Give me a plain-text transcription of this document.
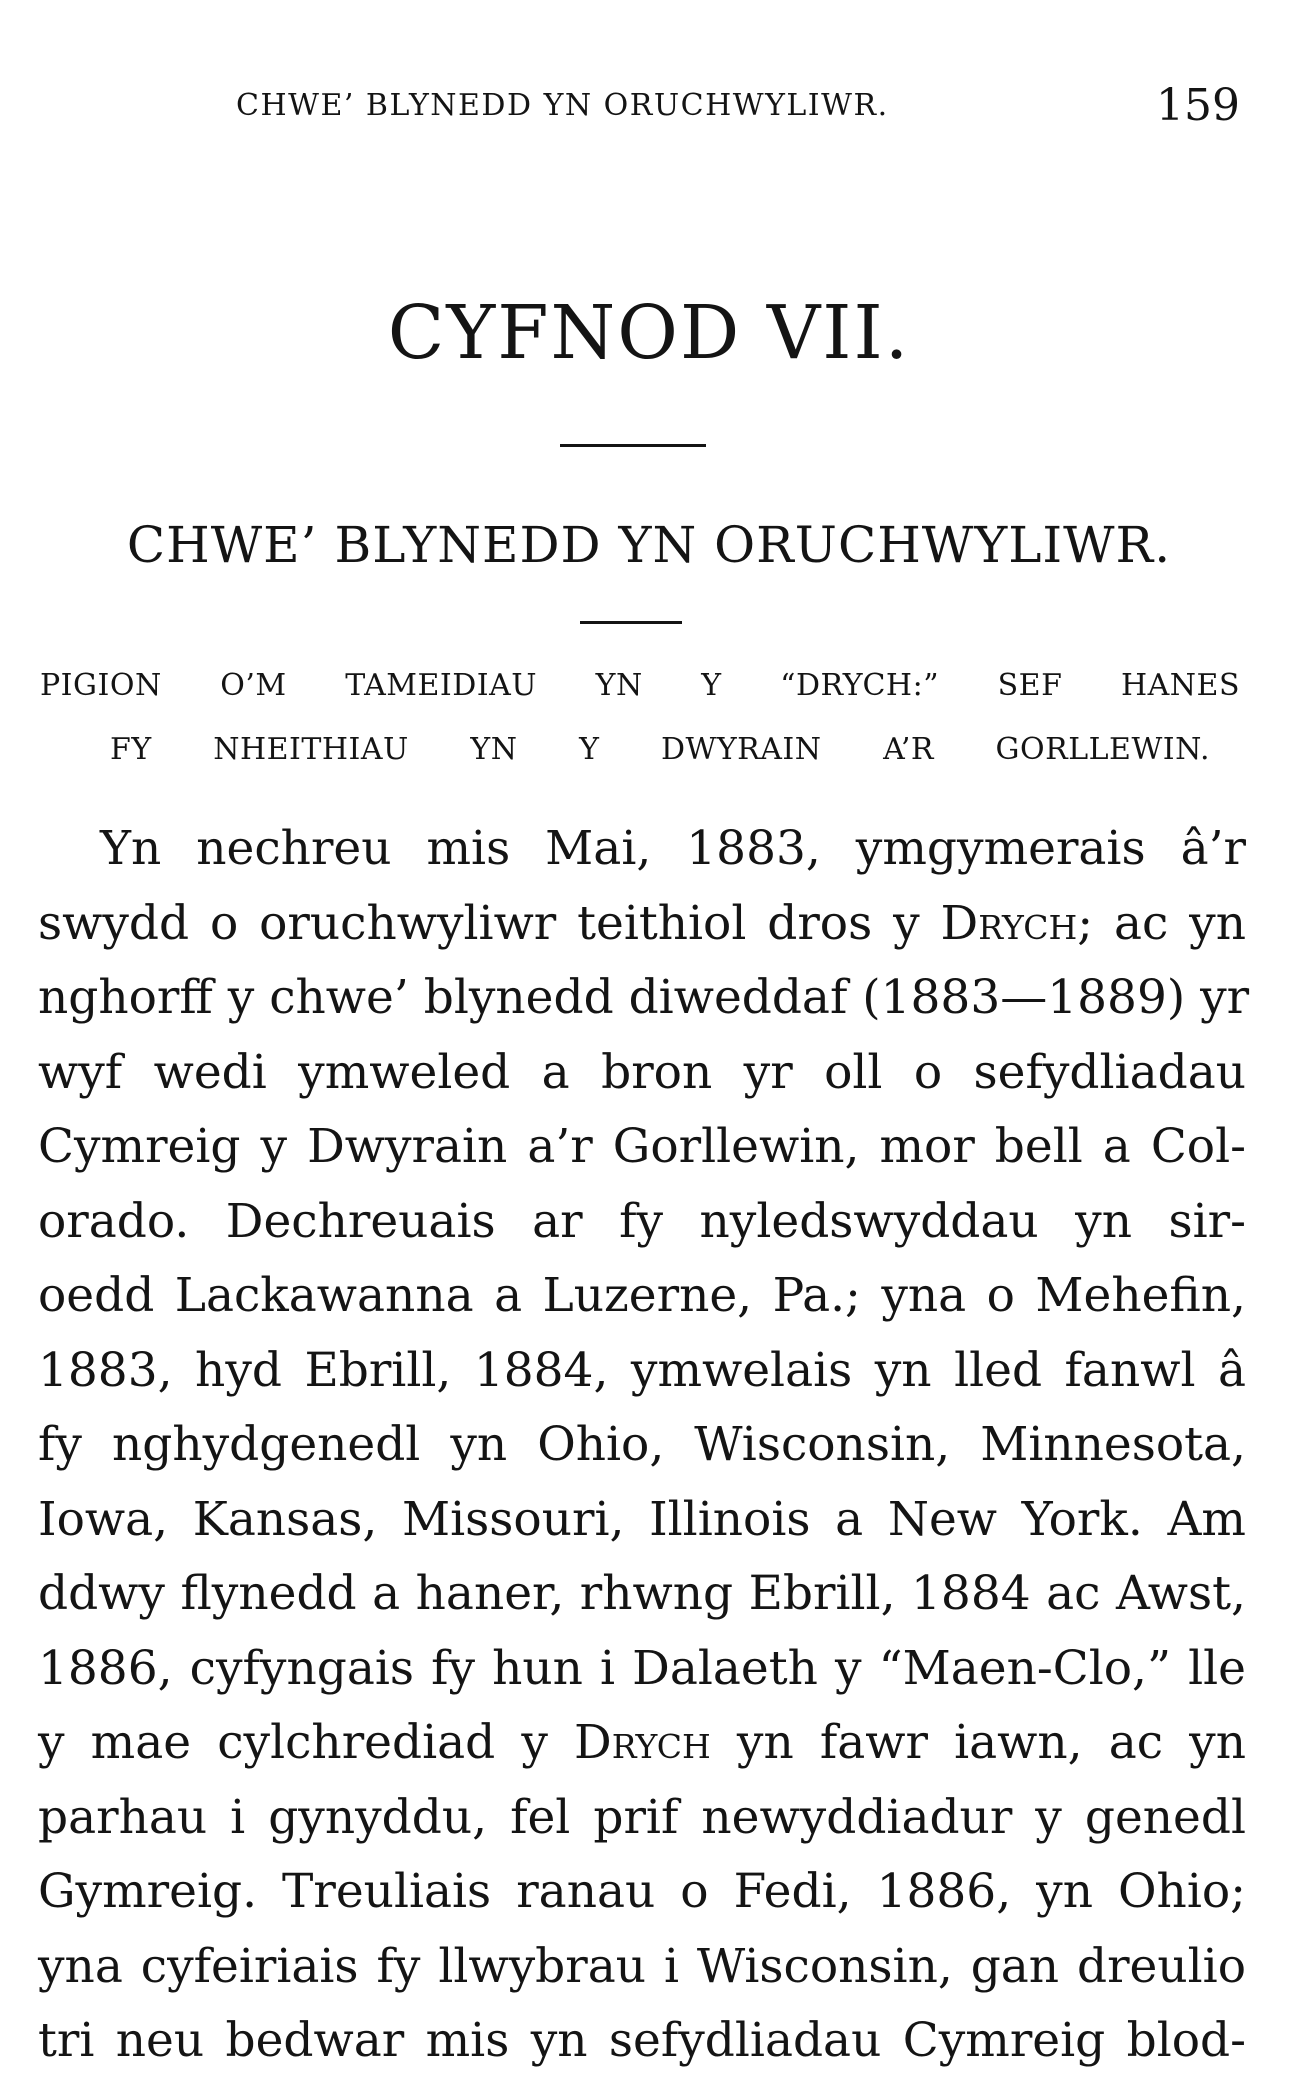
CHWE’ BLYNEDD YN ORUCHWYLIWR.	159
CYFNOD VII.
CHWE’ BLYNEDD YN ORUCHWYLIWR.
PIGION O’M TAMEIDIAU YN Y “DRYCH:” SEF HANES
FY NHEITHIAU YN Y DWYRAIN A’R GORLLEWIN.
Yn nechreu mis Mai, 1883, ymgymerais â’r
swydd o oruchwyliwr teithiol dros y Drych; ac yn
nghorff y chwe’ blynedd diweddaf (1883—1889) yr
wyf wedi ymweled a bron yr oll o sefydliadau
Cymreig y Dwyrain a’r Gorllewin, mor bell a Col-
orado. Dechreuais ar fy nyledswyddau yn sir-
oedd Lackawanna a Luzerne, Pa.; yna o Mehefin,
1883, hyd Ebrill, 1884, ymwelais yn lled fanwl â
fy nghydgenedl yn Ohio, Wisconsin, Minnesota,
Iowa, Kansas, Missouri, Illinois a New York. Am
ddwy flynedd a haner, rhwng Ebrill, 1884 ac Awst,
1886, cyfyngais fy hun i Dalaeth y “Maen-Clo,” lle
y mae cylchrediad y Drych yn fawr iawn, ac yn
parhau i gynyddu, fel prif newyddiadur y genedl
Gymreig. Treuliais ranau o Fedi, 1886, yn Ohio;
yna cyfeiriais fy llwybrau i Wisconsin, gan dreulio
tri neu bedwar mis yn sefydliadau Cymreig blod-
